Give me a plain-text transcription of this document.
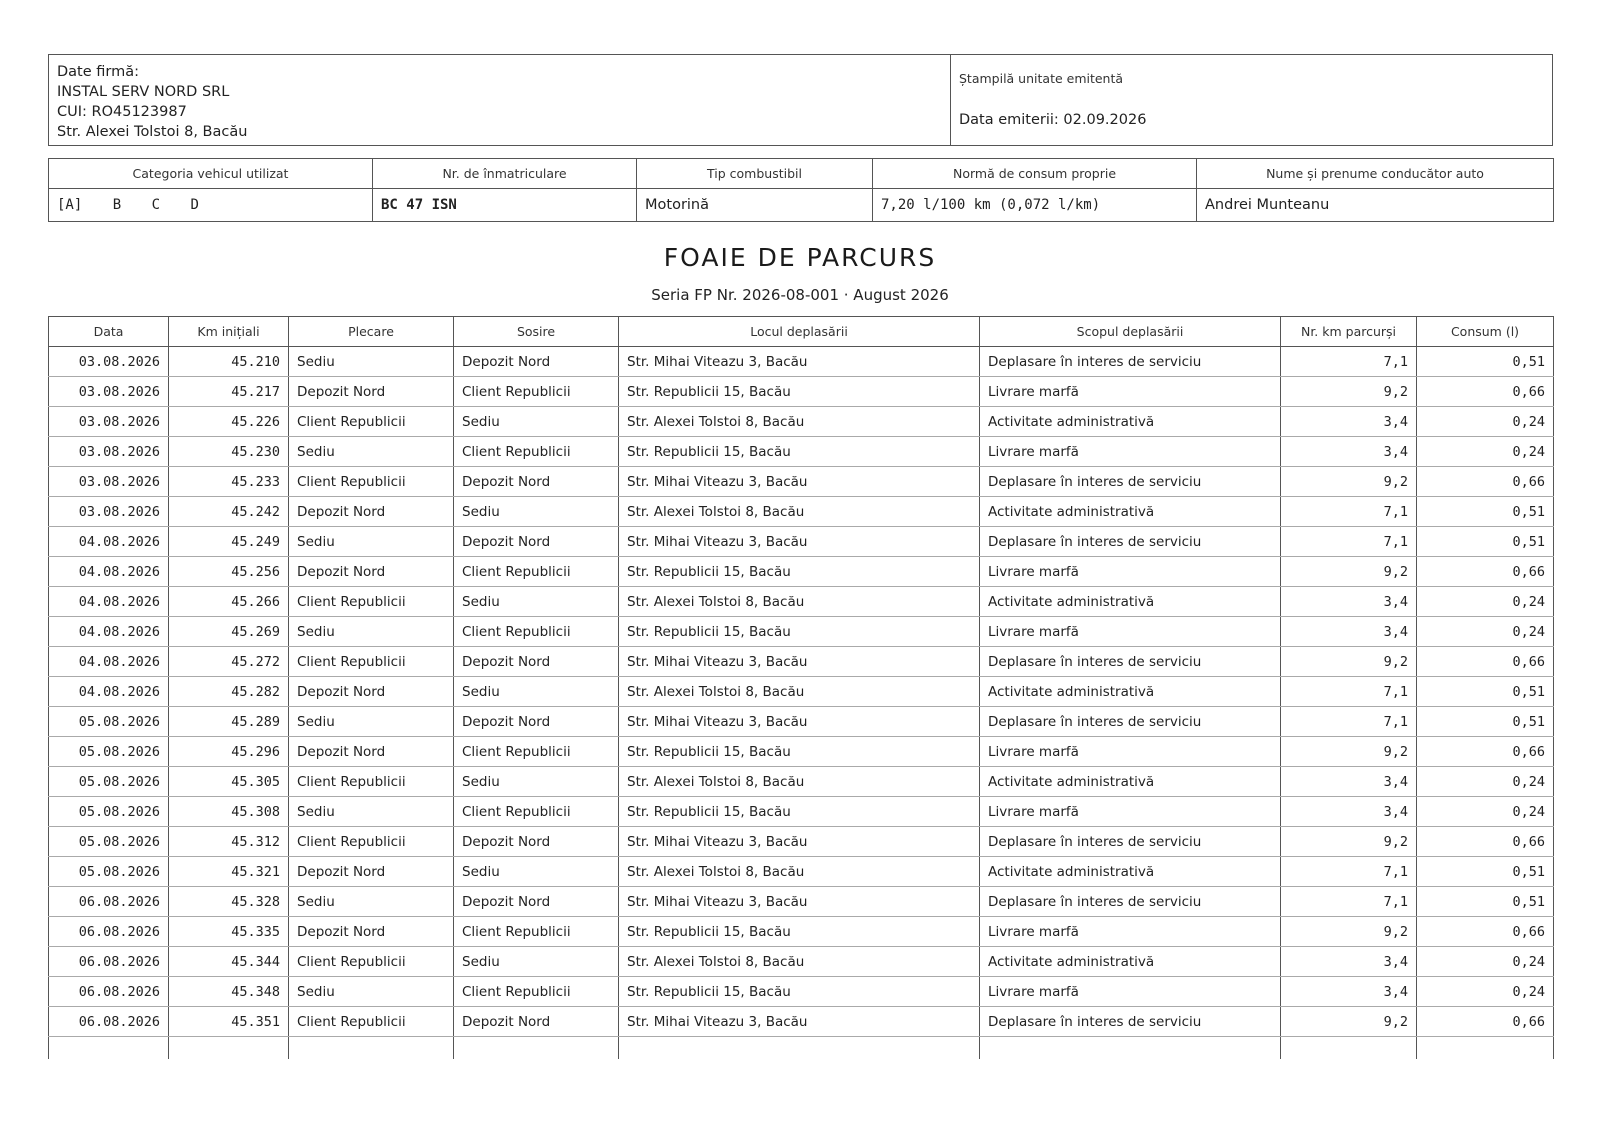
Date firmă:
INSTAL SERV NORD SRL
CUI: RO45123987
Str. Alexei Tolstoi 8, Bacău
Ștampilă unitate emitentă
Data emiterii: 02.09.2026
Categoria vehicul utilizat	Nr. de înmatriculare	Tip combustibil	Normă de consum proprie	Nume și prenume conducător auto
[A] B C D	BC 47 ISN	Motorină	7,20 l/100 km (0,072 l/km)	Andrei Munteanu
FOAIE DE PARCURS
Seria FP Nr. 2026-08-001 · August 2026
Data	Km inițiali	Plecare	Sosire	Locul deplasării	Scopul deplasării	Nr. km parcurși	Consum (l)
03.08.2026	45.210	Sediu	Depozit Nord	Str. Mihai Viteazu 3, Bacău	Deplasare în interes de serviciu	7,1	0,51
03.08.2026	45.217	Depozit Nord	Client Republicii	Str. Republicii 15, Bacău	Livrare marfă	9,2	0,66
03.08.2026	45.226	Client Republicii	Sediu	Str. Alexei Tolstoi 8, Bacău	Activitate administrativă	3,4	0,24
03.08.2026	45.230	Sediu	Client Republicii	Str. Republicii 15, Bacău	Livrare marfă	3,4	0,24
03.08.2026	45.233	Client Republicii	Depozit Nord	Str. Mihai Viteazu 3, Bacău	Deplasare în interes de serviciu	9,2	0,66
03.08.2026	45.242	Depozit Nord	Sediu	Str. Alexei Tolstoi 8, Bacău	Activitate administrativă	7,1	0,51
04.08.2026	45.249	Sediu	Depozit Nord	Str. Mihai Viteazu 3, Bacău	Deplasare în interes de serviciu	7,1	0,51
04.08.2026	45.256	Depozit Nord	Client Republicii	Str. Republicii 15, Bacău	Livrare marfă	9,2	0,66
04.08.2026	45.266	Client Republicii	Sediu	Str. Alexei Tolstoi 8, Bacău	Activitate administrativă	3,4	0,24
04.08.2026	45.269	Sediu	Client Republicii	Str. Republicii 15, Bacău	Livrare marfă	3,4	0,24
04.08.2026	45.272	Client Republicii	Depozit Nord	Str. Mihai Viteazu 3, Bacău	Deplasare în interes de serviciu	9,2	0,66
04.08.2026	45.282	Depozit Nord	Sediu	Str. Alexei Tolstoi 8, Bacău	Activitate administrativă	7,1	0,51
05.08.2026	45.289	Sediu	Depozit Nord	Str. Mihai Viteazu 3, Bacău	Deplasare în interes de serviciu	7,1	0,51
05.08.2026	45.296	Depozit Nord	Client Republicii	Str. Republicii 15, Bacău	Livrare marfă	9,2	0,66
05.08.2026	45.305	Client Republicii	Sediu	Str. Alexei Tolstoi 8, Bacău	Activitate administrativă	3,4	0,24
05.08.2026	45.308	Sediu	Client Republicii	Str. Republicii 15, Bacău	Livrare marfă	3,4	0,24
05.08.2026	45.312	Client Republicii	Depozit Nord	Str. Mihai Viteazu 3, Bacău	Deplasare în interes de serviciu	9,2	0,66
05.08.2026	45.321	Depozit Nord	Sediu	Str. Alexei Tolstoi 8, Bacău	Activitate administrativă	7,1	0,51
06.08.2026	45.328	Sediu	Depozit Nord	Str. Mihai Viteazu 3, Bacău	Deplasare în interes de serviciu	7,1	0,51
06.08.2026	45.335	Depozit Nord	Client Republicii	Str. Republicii 15, Bacău	Livrare marfă	9,2	0,66
06.08.2026	45.344	Client Republicii	Sediu	Str. Alexei Tolstoi 8, Bacău	Activitate administrativă	3,4	0,24
06.08.2026	45.348	Sediu	Client Republicii	Str. Republicii 15, Bacău	Livrare marfă	3,4	0,24
06.08.2026	45.351	Client Republicii	Depozit Nord	Str. Mihai Viteazu 3, Bacău	Deplasare în interes de serviciu	9,2	0,66
